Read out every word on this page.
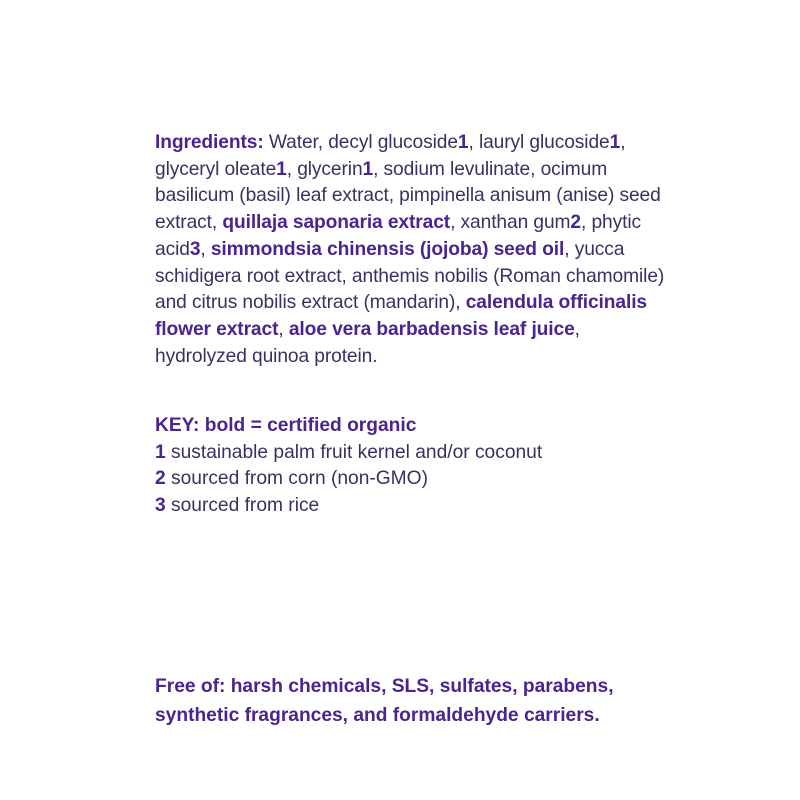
Ingredients: Water, decyl glucoside1, lauryl glucoside1, glyceryl oleate1, glycerin1, sodium levulinate, ocimum basilicum (basil) leaf extract, pimpinella anisum (anise) seed extract, quillaja saponaria extract, xanthan gum2, phytic acid3, simmondsia chinensis (jojoba) seed oil, yucca schidigera root extract, anthemis nobilis (Roman chamomile) and citrus nobilis extract (mandarin), calendula officinalis flower extract, aloe vera barbadensis leaf juice, hydrolyzed quinoa protein.
KEY: bold = certified organic
1 sustainable palm fruit kernel and/or coconut
2 sourced from corn (non-GMO)
3 sourced from rice
Free of: harsh chemicals, SLS, sulfates, parabens,
synthetic fragrances, and formaldehyde carriers.
